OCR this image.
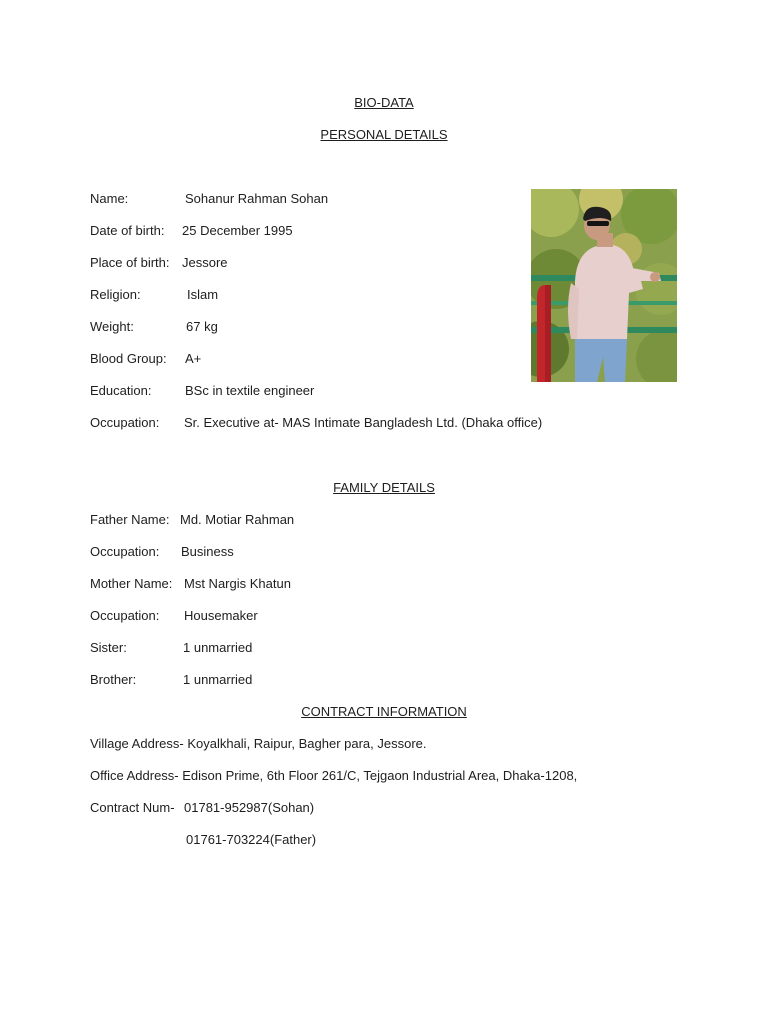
BIO-DATA
PERSONAL DETAILS
Name:	Sohanur Rahman Sohan
Date of birth: 25 December 1995
Place of birth: Jessore
Religion:	Islam
Weight:	67 kg
Blood Group: A+
Education:	BSc in textile engineer
Occupation: Sr. Executive at- MAS Intimate Bangladesh Ltd. (Dhaka office)
FAMILY DETAILS
Father Name: Md. Motiar Rahman
Occupation: Business
Mother Name: Mst Nargis Khatun
Occupation: Housemaker
Sister:	1 unmarried
Brother:	1 unmarried
CONTRACT INFORMATION
Village Address- Koyalkhali, Raipur, Bagher para, Jessore.
Office Address- Edison Prime, 6th Floor 261/C, Tejgaon Industrial Area, Dhaka-1208,
Contract Num- 01781-952987(Sohan)
01761-703224(Father)
